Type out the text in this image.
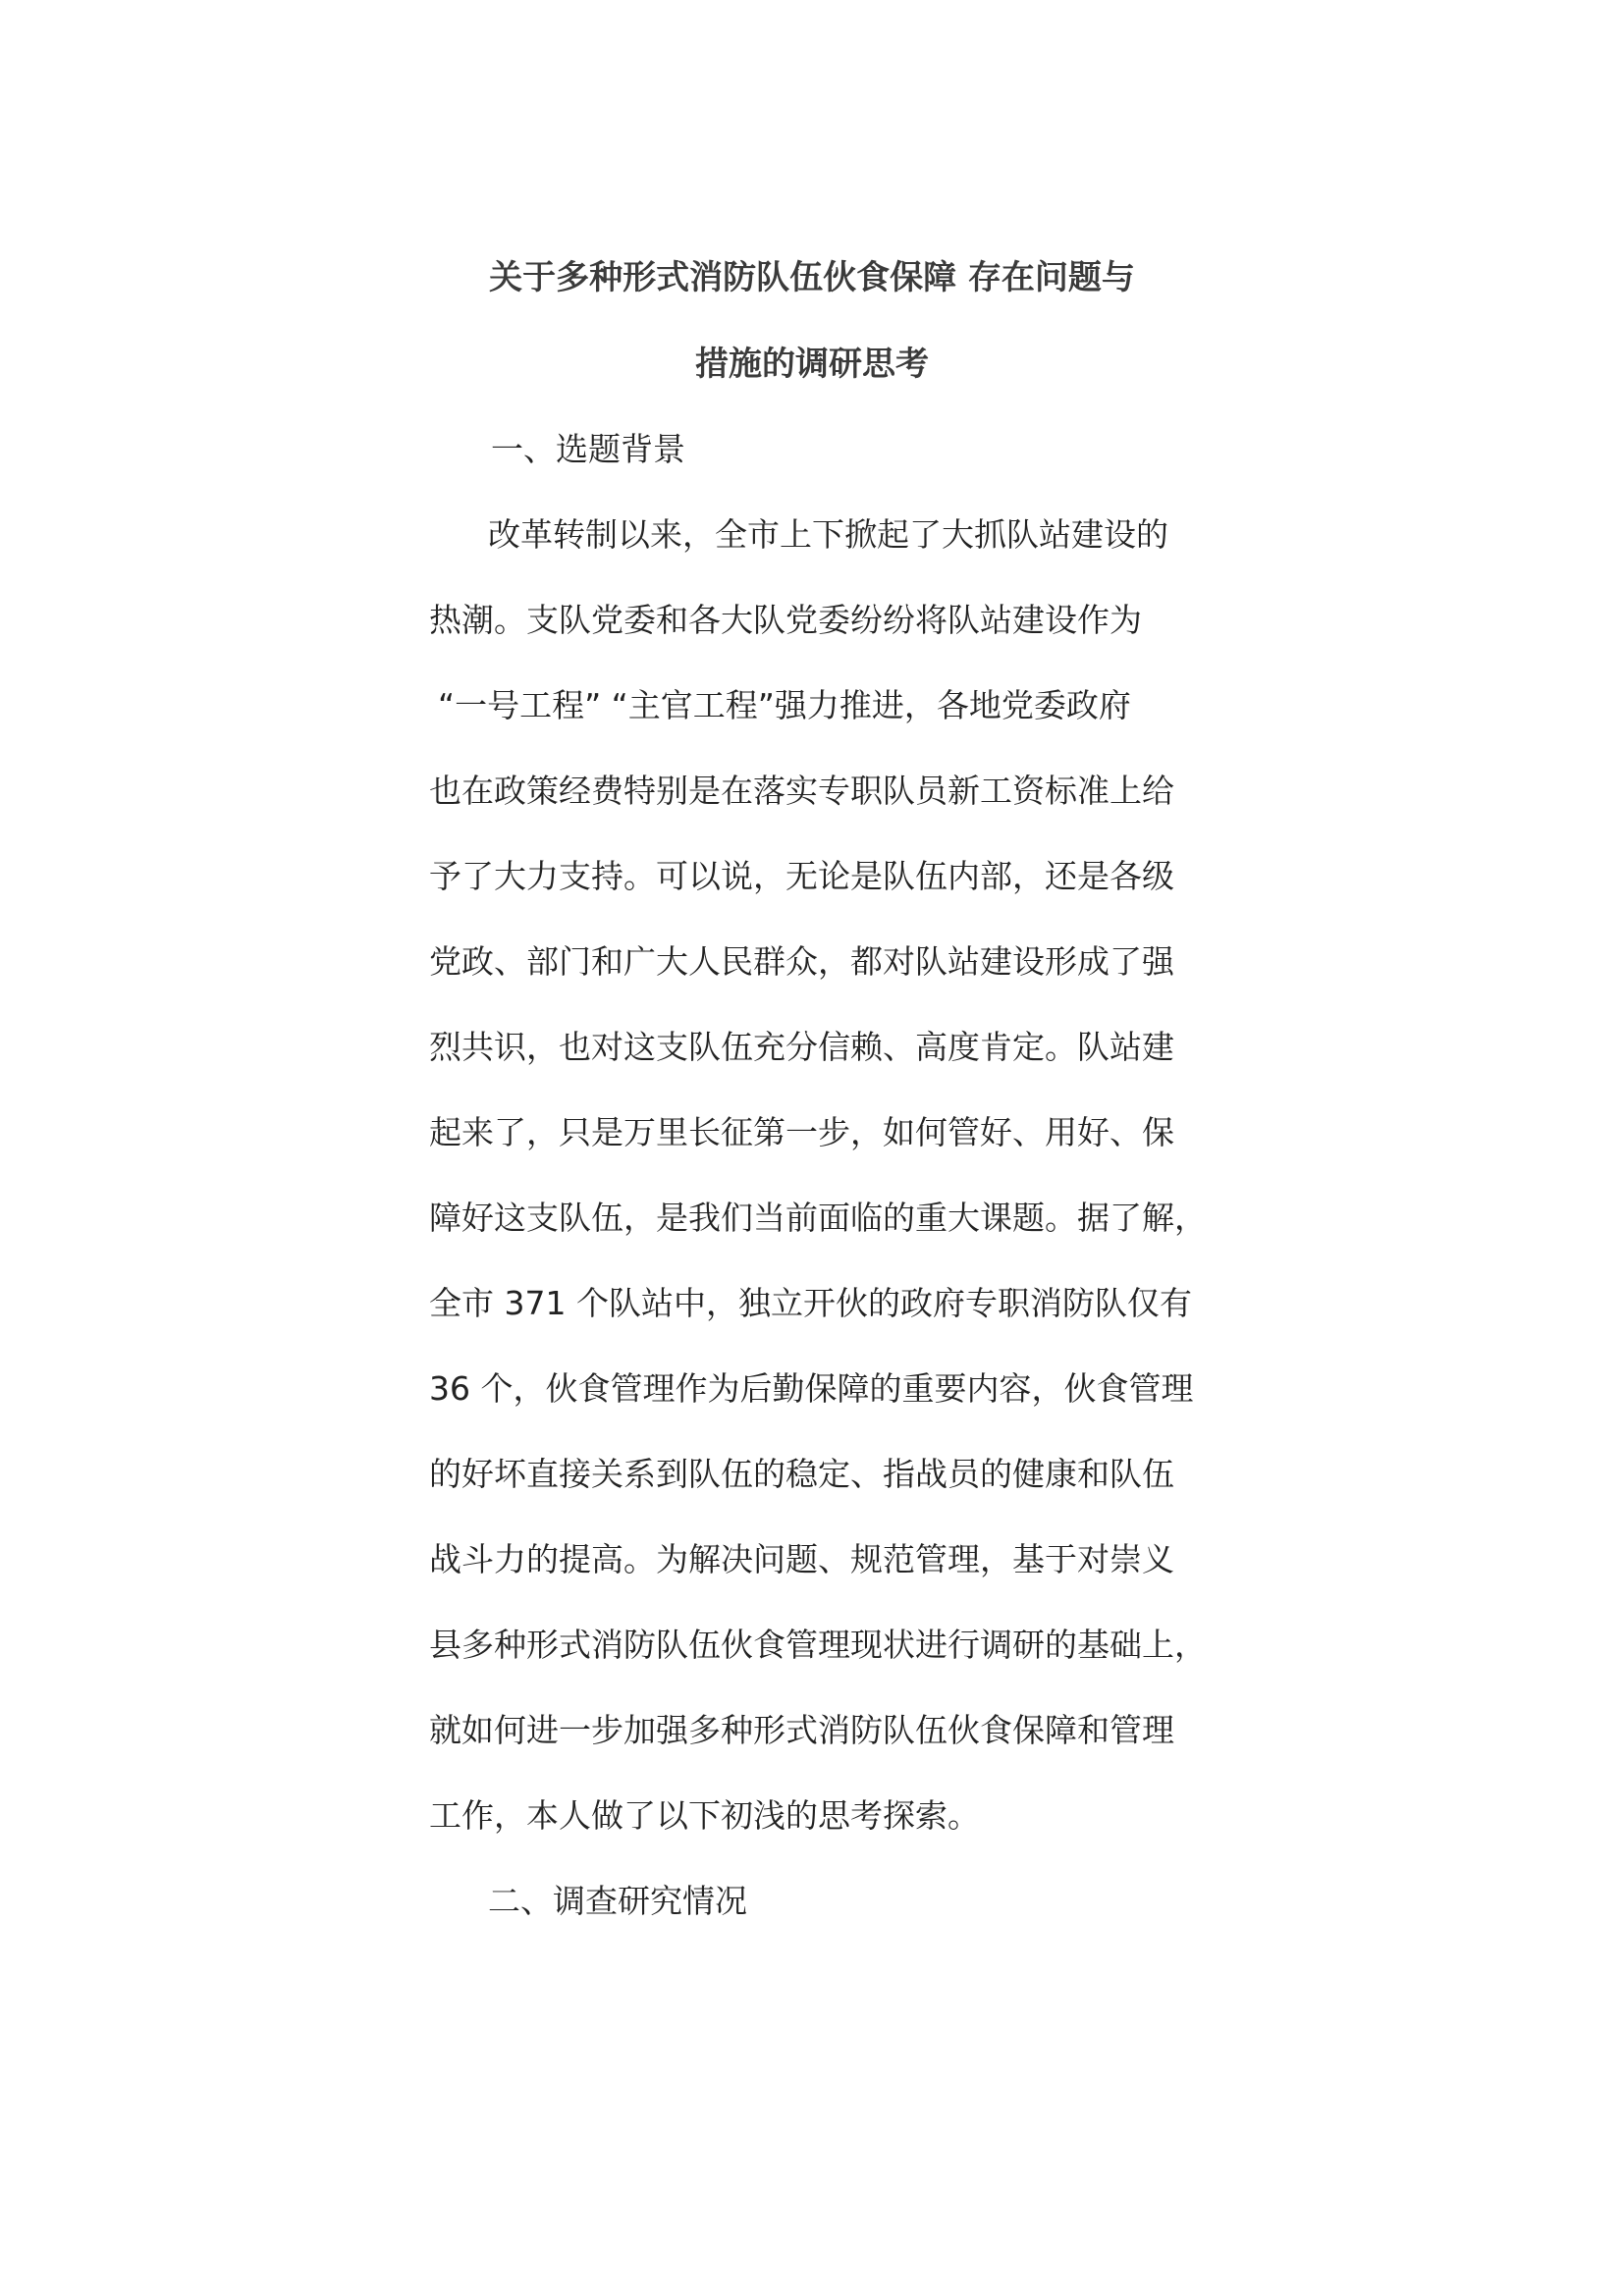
关于多种形式消防队伍伙食保障 存在问题与
措施的调研思考
一、选题背景
改革转制以来，全市上下掀起了大抓队站建设的
热潮。支队党委和各大队党委纷纷将队站建设作为
“一号工程” “主官工程”强力推进，各地党委政府
也在政策经费特别是在落实专职队员新工资标准上给
予了大力支持。可以说，无论是队伍内部，还是各级
党政、部门和广大人民群众，都对队站建设形成了强
烈共识，也对这支队伍充分信赖、高度肯定。队站建
起来了，只是万里长征第一步，如何管好、用好、保
障好这支队伍，是我们当前面临的重大课题。据了解，
全市 371 个队站中，独立开伙的政府专职消防队仅有
36 个，伙食管理作为后勤保障的重要内容，伙食管理
的好坏直接关系到队伍的稳定、指战员的健康和队伍
战斗力的提高。为解决问题、规范管理，基于对崇义
县多种形式消防队伍伙食管理现状进行调研的基础上，
就如何进一步加强多种形式消防队伍伙食保障和管理
工作，本人做了以下初浅的思考探索。
二、调查研究情况
